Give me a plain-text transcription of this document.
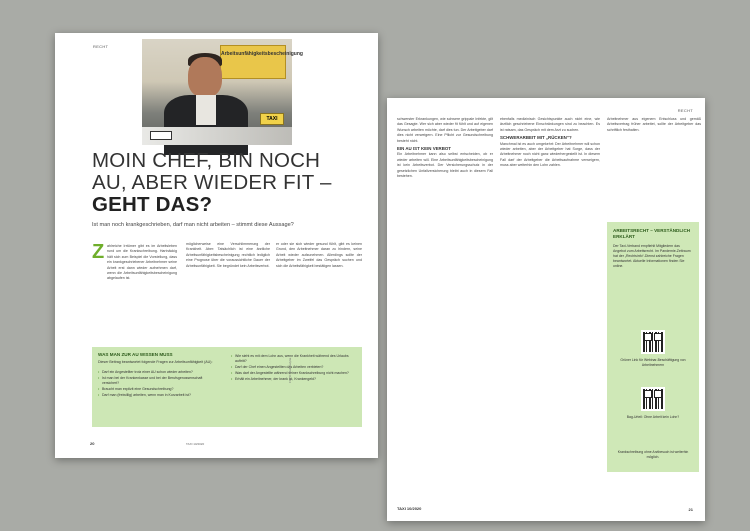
RECHT
Arbeitsunfähigkeitsbescheinigung
TAXI
MOIN CHEF, BIN NOCH
AU, ABER WIEDER FIT –
GEHT DAS?
Ist man noch krankgeschrieben, darf man nicht arbeiten – stimmt diese Aussage?
Z ahlreiche Irrtümer gibt es im Arbeitsleben rund um die Krankschreibung. Hartnäckig hält sich zum Beispiel die Vorstellung, dass ein krankgeschriebener Arbeitnehmer seine Arbeit erst dann wieder aufnehmen darf, wenn die Arbeitsunfähigkeitsbescheinigung abgelaufen ist.
möglicherweise eine Verschlimmerung der Krankheit. Aber: Tatsächlich ist eine ärztliche Arbeitsunfähigkeitsbescheinigung rechtlich lediglich eine Prognose über die voraussichtliche Dauer der Arbeitsunfähigkeit. Sie begründet kein Arbeitsverbot.
er oder sie sich wieder gesund fühlt, gibt es keinen Grund, den Arbeitnehmer daran zu hindern, seine Arbeit wieder aufzunehmen. Allerdings sollte der Arbeitgeber im Zweifel das Gespräch suchen und sich die Arbeitsfähigkeit bestätigen lassen.
WAS MAN ZUR AU WISSEN MUSS
Dieser Beitrag beantwortet folgende Fragen zur Arbeitsunfähigkeit (AU):
• Darf ein Angestellter trotz einer AU schon wieder arbeiten?
• Ist man bei der Krankenkasse und bei der Berufsgenossenschaft versichert?
• Braucht man explizit eine Gesundschreibung?
• Darf man (freiwillig) arbeiten, wenn man in Kurzarbeit ist?
• Wie sieht es mit dem Lohn aus, wenn die Krankheit während des Urlaubs auftritt?
• Darf der Chef einen Angestellten das Arbeiten verbieten?
• Was darf der Angestellte während seiner Krankschreibung nicht machen?
• Erhält ein Arbeitnehmer, der krank ist, Krankengeld?
FOTO: Ralf Kalytta
20	TAXI 10/2020
RECHT
schwerster Erkrankungen, wie schwere grippale Infekte, gilt das Gesagte. Wer sich aber wieder fit fühlt und auf eigenen Wunsch arbeiten möchte, darf dies tun. Der Arbeitgeber darf dies nicht verweigern. Eine Pflicht zur Gesundschreibung besteht nicht.
EIN AU IST KEIN VERBOT
Ein Arbeitnehmer kann also selbst entscheiden, ob er wieder arbeiten will. Eine Arbeitsunfähigkeitsbescheinigung ist kein Arbeitsverbot. Der Versicherungsschutz in der gesetzlichen Unfallversicherung bleibt auch in diesem Fall bestehen.
ebenfalls medizinisch Gesichtspunkte auch nicht eine, wie ärztlich geschriebene Einschränkungen sind zu beachten. Es ist ratsam, das Gespräch mit dem Arzt zu suchen.
SCHWERARBEIT MIT „RÜCKEN“?
Manchmal ist es auch umgekehrt: Der Arbeitnehmer will schon wieder arbeiten, aber der Arbeitgeber hat Sorge, dass der Arbeitnehmer noch nicht ganz wiederhergestellt ist. In diesem Fall darf der Arbeitgeber die Arbeitsaufnahme verweigern, muss aber weiterhin den Lohn zahlen.
Arbeitnehmer aus eigenem Entschluss und gemäß Arbeitsvertrag früher arbeitet, sollte der Arbeitgeber das schriftlich festhalten.
ARBEITSRECHT – VERSTÄNDLICH ERKLÄRT
Der Taxi-Verband empfiehlt Mitgliedern das Angebot zum Arbeitsrecht. Im Pandemie-Zeitraum hat der „Rechtsinfo“-Dienst zahlreiche Fragen beantwortet. Aktuelle Informationen finden Sie online.
Grüner Link für Webinar-Beschäftigung von Arbeitnehmern
Bag-Urteil: Ohne Arbeit kein Lohn?
Krankschreibung ohne Arztbesuch ist weiterhin möglich.
TAXI 10/2020	21
